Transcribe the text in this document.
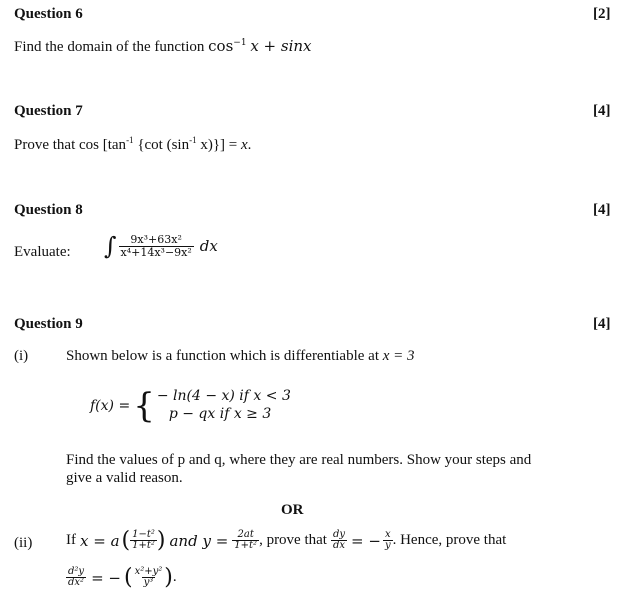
Question 6	[2]
Find the domain of the function $\cos^{-1} x + \sin x$
Question 7	[4]
Prove that $\cos [\tan^{-1}$ {cot ($\sin^{-1}$ x)}] = x.
Question 8	[4]
Evaluate: ∫ $\frac{\text{9x³+63x²}}{\text{x⁴+14x³−9x²}}$ dx
Question 9	[4]
(i)	Shown below is a function which is differentiable at x = 3
f(x) = { − ln(4 − x) if x < 3
p − qx if x ≥ 3
Find the values of p and q, where they are real numbers. Show your steps and
give a valid reason.
OR
(ii) If x = a ( $\frac{\text{1−t²}}{\text{1+t²}}$ ) and $y = \frac{2at}{\text{1+t²}}$ , prove that $\frac{dy}{dx}$ = − $\frac{x}{y}$ . Hence, prove that
$\frac{\text{d²y}}{\text{dx²}}$ = − ( $\frac{\text{x²+y²}}{\text{y³}}$ ) .
